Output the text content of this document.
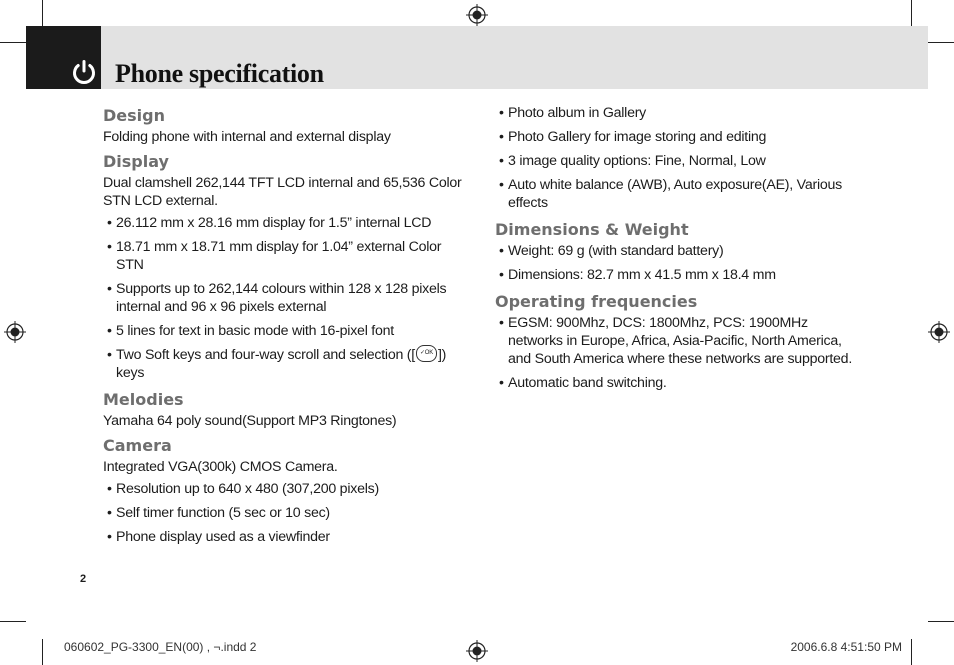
Phone specification
Design

Folding phone with internal and external display

Display

Dual clamshell 262,144 TFT LCD internal and 65,536 Color STN LCD external.

• 26.112 mm x 28.16 mm display for 1.5” internal LCD
• 18.71 mm x 18.71 mm display for 1.04” external Color STN
• Supports up to 262,144 colours within 128 x 128 pixels internal and 96 x 96 pixels external
• 5 lines for text in basic mode with 16-pixel font
• Two Soft keys and four-way scroll and selection ([ ✓OK ]) keys
Melodies

Yamaha 64 poly sound(Support MP3 Ringtones)

Camera

Integrated VGA(300k) CMOS Camera.

• Resolution up to 640 x 480 (307,200 pixels)
• Self timer function (5 sec or 10 sec)
• Phone display used as a viewfinder
• Photo album in Gallery
• Photo Gallery for image storing and editing
• 3 image quality options: Fine, Normal, Low
• Auto white balance (AWB), Auto exposure(AE), Various effects
Dimensions & Weight
• Weight: 69 g (with standard battery)
• Dimensions: 82.7 mm x 41.5 mm x 18.4 mm
Operating frequencies
• EGSM: 900Mhz, DCS: 1800Mhz, PCS: 1900MHz networks in Europe, Africa, Asia-Pacific, North America, and South America where these networks are supported.
• Automatic band switching.
2
060602_PG-3300_EN(00) , ¬.indd 2	2006.6.8 4:51:50 PM
